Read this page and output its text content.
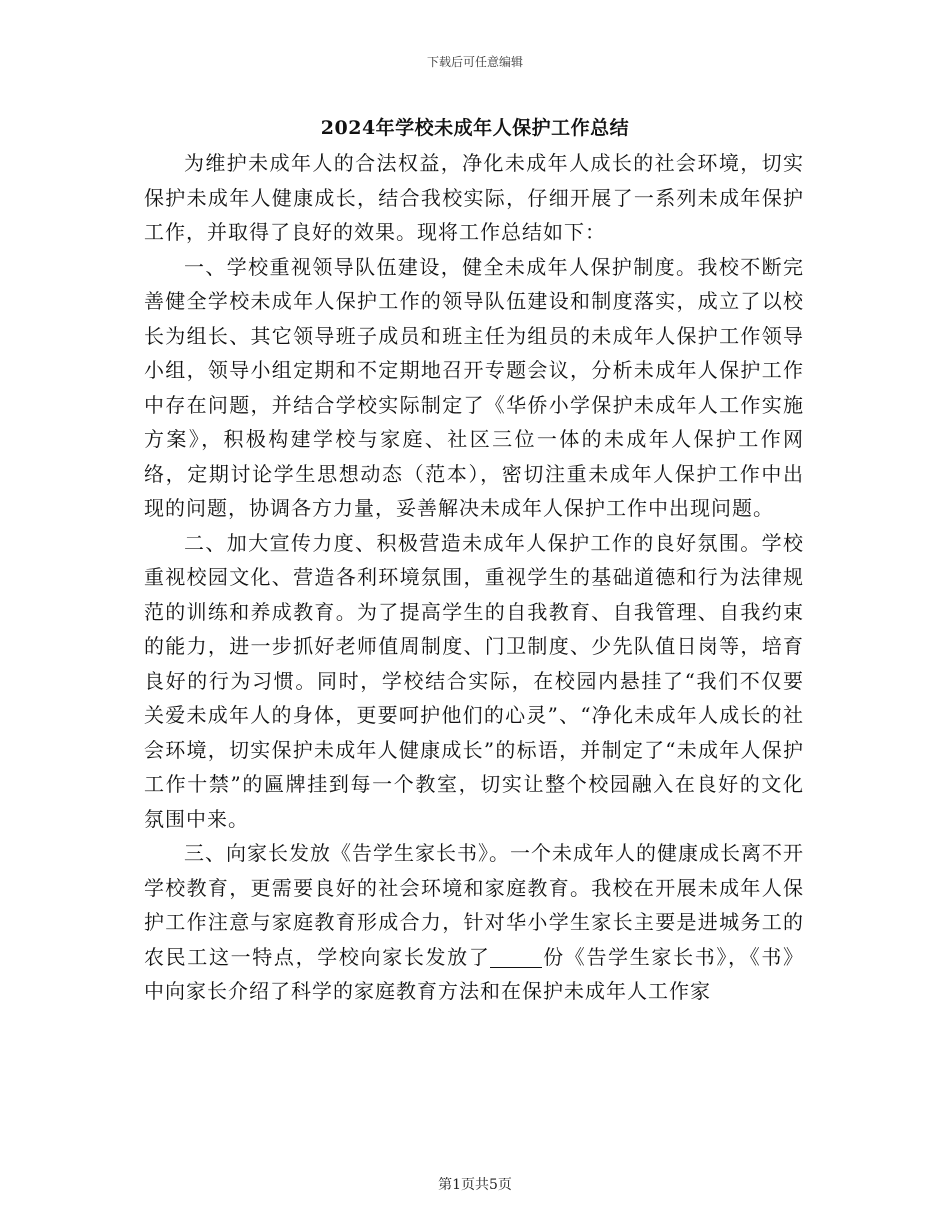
下载后可任意编辑
2024年学校未成年人保护工作总结

为维护未成年人的合法权益，净化未成年人成长的社会环境，切实保护未成年人健康成长，结合我校实际，仔细开展了一系列未成年保护工作，并取得了良好的效果。现将工作总结如下：

一、学校重视领导队伍建设，健全未成年人保护制度。我校不断完善健全学校未成年人保护工作的领导队伍建设和制度落实，成立了以校长为组长、其它领导班子成员和班主任为组员的未成年人保护工作领导小组，领导小组定期和不定期地召开专题会议，分析未成年人保护工作中存在问题，并结合学校实际制定了《华侨小学保护未成年人工作实施方案》，积极构建学校与家庭、社区三位一体的未成年人保护工作网络，定期讨论学生思想动态（范本），密切注重未成年人保护工作中出现的问题，协调各方力量，妥善解决未成年人保护工作中出现问题。

二、加大宣传力度、积极营造未成年人保护工作的良好氛围。学校重视校园文化、营造各利环境氛围，重视学生的基础道德和行为法律规范的训练和养成教育。为了提高学生的自我教育、自我管理、自我约束的能力，进一步抓好老师值周制度、门卫制度、少先队值日岗等，培育良好的行为习惯。同时，学校结合实际，在校园内悬挂了“我们不仅要关爱未成年人的身体，更要呵护他们的心灵”、“净化未成年人成长的社会环境，切实保护未成年人健康成长”的标语，并制定了“未成年人保护工作十禁”的匾牌挂到每一个教室，切实让整个校园融入在良好的文化氛围中来。

三、向家长发放《告学生家长书》。一个未成年人的健康成长离不开学校教育，更需要良好的社会环境和家庭教育。我校在开展未成年人保护工作注意与家庭教育形成合力，针对华小学生家长主要是进城务工的农民工这一特点，学校向家长发放了	份《告学生家长书》，《书》中向家长介绍了科学的家庭教育方法和在保护未成年人工作家

第1页共5页
